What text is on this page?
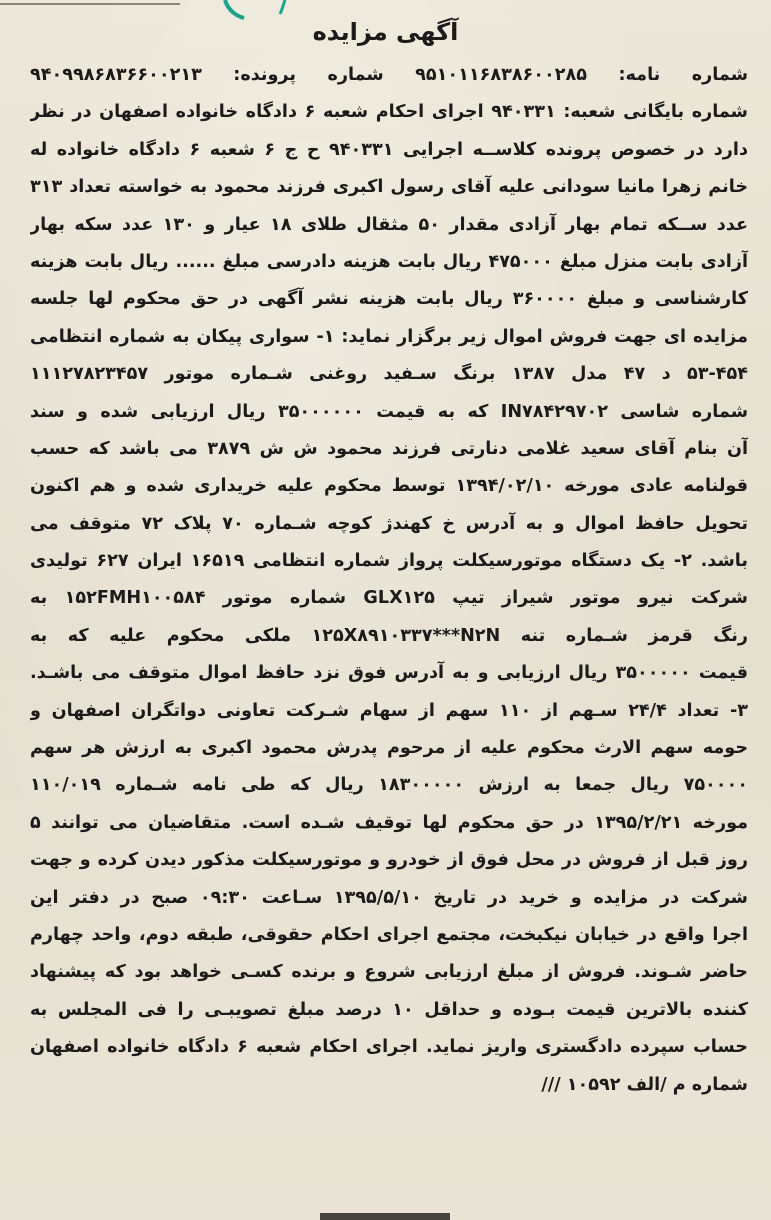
آگهی مزایده
شماره نامه: ۹۵۱۰۱۱۶۸۳۸۶۰۰۲۸۵ شماره پرونده: ۹۴۰۹۹۸۶۸۳۶۶۰۰۲۱۳
شماره بایگانی شعبه: ۹۴۰۳۳۱ اجرای احکام شعبه ۶ دادگاه خانواده اصفهان در نظر
دارد در خصوص پرونده کلاســه اجرایی ۹۴۰۳۳۱ ح ج ۶ شعبه ۶ دادگاه خانواده له
خانم زهرا مانیا سودانی علیه آقای رسول اکبری فرزند محمود به خواسته تعداد ۳۱۳
عدد ســکه تمام بهار آزادی مقدار ۵۰ مثقال طلای ۱۸ عیار و ۱۳۰ عدد سکه بهار
آزادی بابت منزل مبلغ ۴۷۵۰۰۰ ریال بابت هزینه دادرسی مبلغ ...... ریال بابت هزینه
کارشناسی و مبلغ ۳۶۰۰۰۰ ریال بابت هزینه نشر آگهی در حق محکوم لها جلسه
مزایده ای جهت فروش اموال زیر برگزار نماید: ۱- سواری پیکان به شماره انتظامی
۵۳-۴۵۴ د ۴۷ مدل ۱۳۸۷ برنگ سـفید روغنی شـماره موتور ۱۱۱۲۷۸۲۳۴۵۷
شماره شاسی IN۷۸۴۲۹۷۰۲ که به قیمت ۳۵۰۰۰۰۰۰ ریال ارزیابی شده و سند
آن بنام آقای سعید غلامی دنارتی فرزند محمود ش ش ۳۸۷۹ می باشد که حسب
قولنامه عادی مورخه ۱۳۹۴/۰۲/۱۰ توسط محکوم علیه خریداری شده و هم اکنون
تحویل حافظ اموال و به آدرس خ کهندژ کوچه شـماره ۷۰ پلاک ۷۲ متوقف می
باشد. ۲- یک دستگاه موتورسیکلت پرواز شماره انتظامی ۱۶۵۱۹ ایران ۶۲۷ تولیدی
شرکت نیرو موتور شیراز تیپ GLX۱۲۵ شماره موتور ۱۵۲FMH۱۰۰۵۸۴ به
رنگ قرمز شـماره تنه ۱۲۵X۸۹۱۰۳۳۷***N۲N ملکی محکوم علیه که به
قیمت ۳۵۰۰۰۰۰ ریال ارزیابی و به آدرس فوق نزد حافظ اموال متوقف می باشـد.
۳- تعداد ۲۴/۴ سـهم از ۱۱۰ سهم از سهام شـرکت تعاونی دواتگران اصفهان و
حومه سهم الارث محکوم علیه از مرحوم پدرش محمود اکبری به ارزش هر سهم
۷۵۰۰۰۰ ریال جمعا به ارزش ۱۸۳۰۰۰۰۰ ریال که طی نامه شـماره ۱۱۰/۰۱۹
مورخه ۱۳۹۵/۲/۲۱ در حق محکوم لها توقیف شـده است. متقاضیان می توانند ۵
روز قبل از فروش در محل فوق از خودرو و موتورسیکلت مذکور دیدن کرده و جهت
شرکت در مزایده و خرید در تاریخ ۱۳۹۵/۵/۱۰ سـاعت ۰۹:۳۰ صبح در دفتر این
اجرا واقع در خیابان نیکبخت، مجتمع اجرای احکام حقوقی، طبقه دوم، واحد چهارم
حاضر شـوند. فروش از مبلغ ارزیابی شروع و برنده کسـی خواهد بود که پیشنهاد
کننده بالاترین قیمت بـوده و حداقل ۱۰ درصد مبلغ تصویبـی را فی المجلس به
حساب سپرده دادگستری واریز نماید. اجرای احکام شعبه ۶ دادگاه خانواده اصفهان
شماره م /الف ۱۰۵۹۲ ///
